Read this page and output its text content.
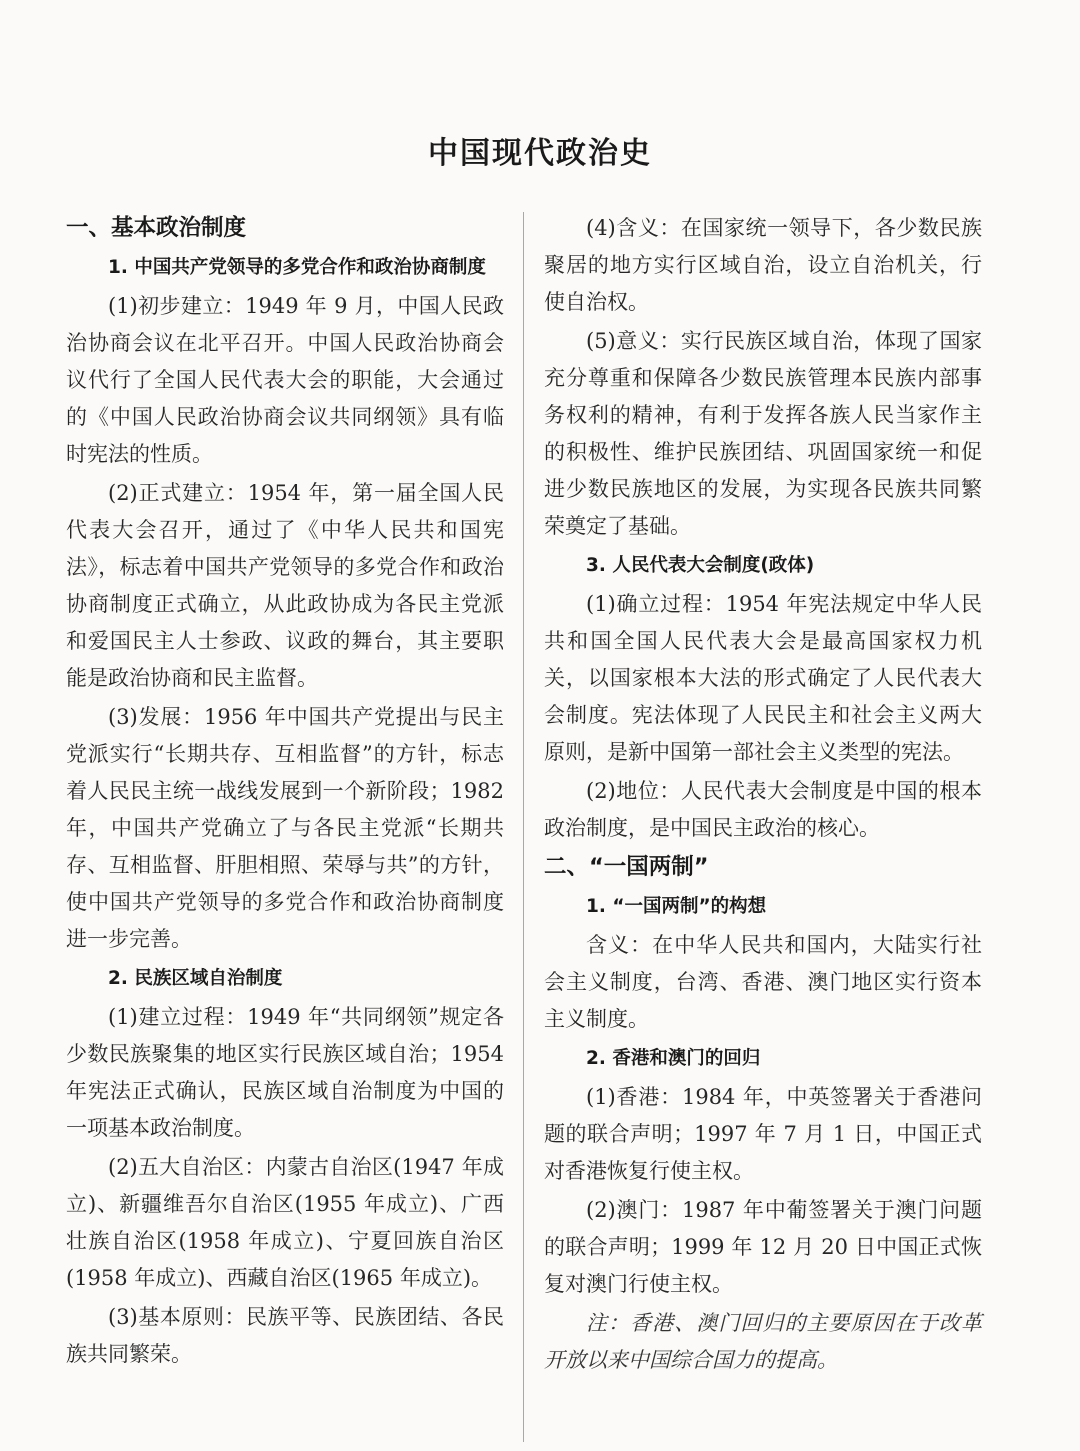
中国现代政治史
一、基本政治制度
1. 中国共产党领导的多党合作和政治协商制度
(1)初步建立：1949 年 9 月，中国人民政治协商会议在北平召开。中国人民政治协商会议代行了全国人民代表大会的职能，大会通过的《中国人民政治协商会议共同纲领》具有临时宪法的性质。
(2)正式建立：1954 年，第一届全国人民代表大会召开，通过了《中华人民共和国宪法》，标志着中国共产党领导的多党合作和政治协商制度正式确立，从此政协成为各民主党派和爱国民主人士参政、议政的舞台，其主要职能是政治协商和民主监督。
(3)发展：1956 年中国共产党提出与民主党派实行“长期共存、互相监督”的方针，标志着人民民主统一战线发展到一个新阶段；1982 年，中国共产党确立了与各民主党派“长期共存、互相监督、肝胆相照、荣辱与共”的方针，使中国共产党领导的多党合作和政治协商制度进一步完善。
2. 民族区域自治制度
(1)建立过程：1949 年“共同纲领”规定各少数民族聚集的地区实行民族区域自治；1954 年宪法正式确认，民族区域自治制度为中国的一项基本政治制度。
(2)五大自治区：内蒙古自治区(1947 年成立)、新疆维吾尔自治区(1955 年成立)、广西壮族自治区(1958 年成立)、宁夏回族自治区(1958 年成立)、西藏自治区(1965 年成立)。
(3)基本原则：民族平等、民族团结、各民族共同繁荣。
(4)含义：在国家统一领导下，各少数民族聚居的地方实行区域自治，设立自治机关，行使自治权。
(5)意义：实行民族区域自治，体现了国家充分尊重和保障各少数民族管理本民族内部事务权利的精神，有利于发挥各族人民当家作主的积极性、维护民族团结、巩固国家统一和促进少数民族地区的发展，为实现各民族共同繁荣奠定了基础。
3. 人民代表大会制度(政体)
(1)确立过程：1954 年宪法规定中华人民共和国全国人民代表大会是最高国家权力机关，以国家根本大法的形式确定了人民代表大会制度。宪法体现了人民民主和社会主义两大原则，是新中国第一部社会主义类型的宪法。
(2)地位：人民代表大会制度是中国的根本政治制度，是中国民主政治的核心。
二、“一国两制”
1. “一国两制”的构想
含义：在中华人民共和国内，大陆实行社会主义制度，台湾、香港、澳门地区实行资本主义制度。
2. 香港和澳门的回归
(1)香港：1984 年，中英签署关于香港问题的联合声明；1997 年 7 月 1 日，中国正式对香港恢复行使主权。
(2)澳门：1987 年中葡签署关于澳门问题的联合声明；1999 年 12 月 20 日中国正式恢复对澳门行使主权。
注：香港、澳门回归的主要原因在于改革开放以来中国综合国力的提高。
